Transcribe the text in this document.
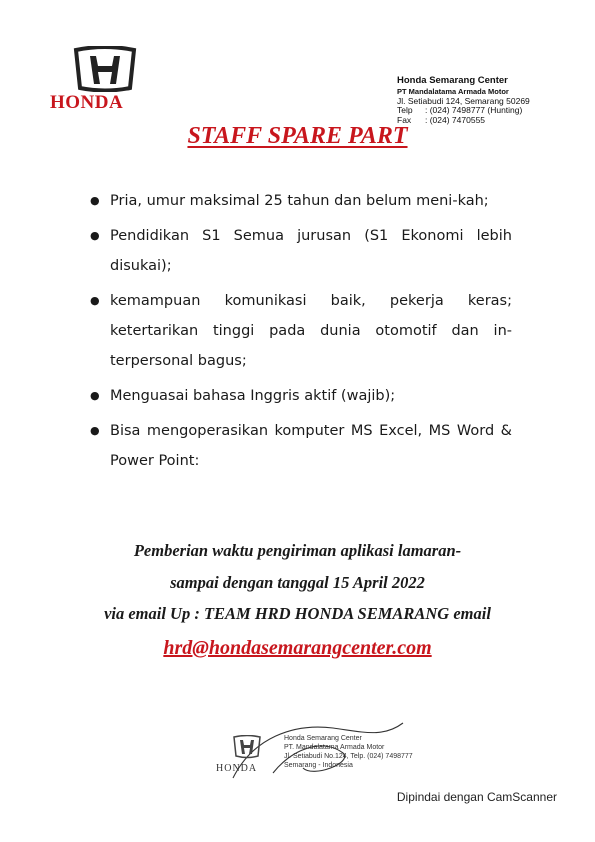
HONDA
Honda Semarang Center
PT Mandalatama Armada Motor
Jl. Setiabudi 124, Semarang 50269
Telp	: (024) 7498777 (Hunting)
Fax	: (024) 7470555
STAFF SPARE PART
● Pria, umur maksimal 25 tahun dan belum meni-kah;
● Pendidikan S1 Semua jurusan (S1 Ekonomi lebih disukai);
● kemampuan komunikasi baik, pekerja keras; ketertarikan tinggi pada dunia otomotif dan in-terpersonal bagus;
● Menguasai bahasa Inggris aktif (wajib);
● Bisa mengoperasikan komputer MS Excel, MS Word & Power Point:
Pemberian waktu pengiriman aplikasi lamaran-
sampai dengan tanggal 15 April 2022
via email Up : TEAM HRD HONDA SEMARANG email
hrd@hondasemarangcenter.com
HONDA
Honda Semarang Center
PT. Mandalatama Armada Motor
Jl. Setiabudi No.124, Telp. (024) 7498777
Semarang - Indonesia
Dipindai dengan CamScanner
